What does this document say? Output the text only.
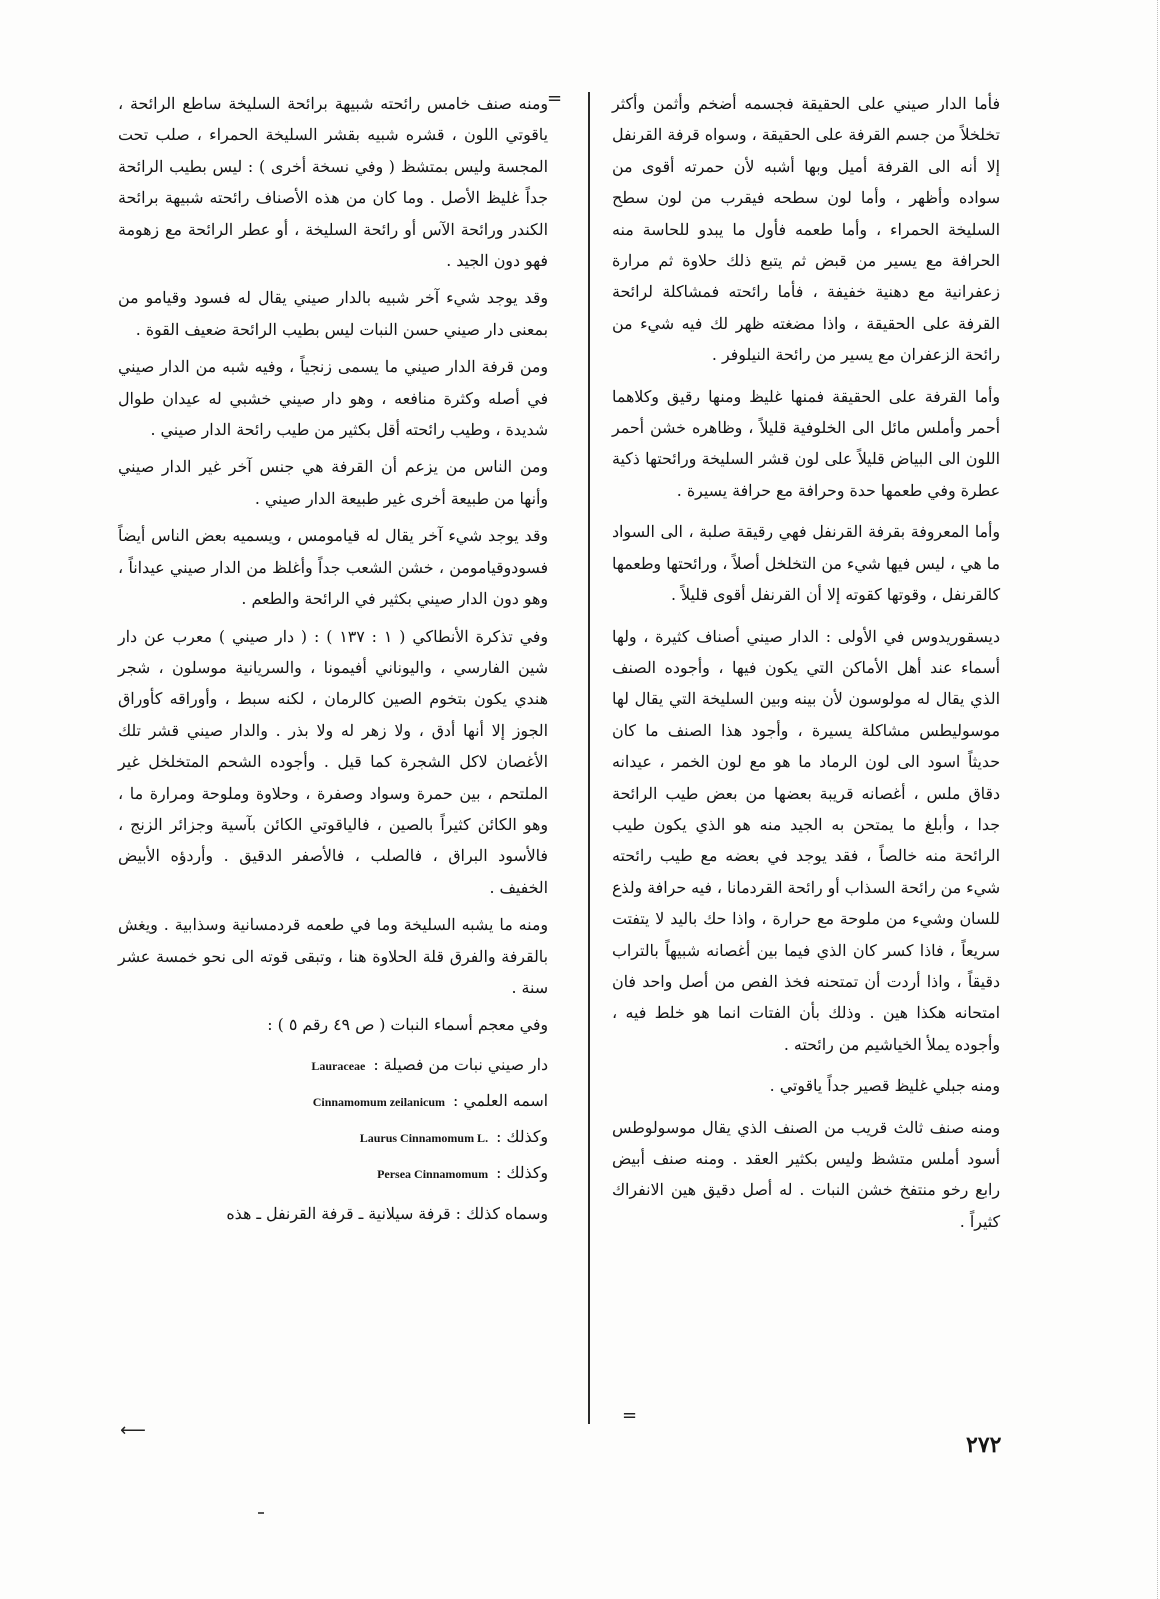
=	فأما الدار صيني على الحقيقة فجسمه أضخم وأثمن وأكثر تخلخلاً من جسم القرفة على الحقيقة ، وسواه قرفة القرنفل إلا أنه الى القرفة أميل وبها أشبه لأن حمرته أقوى من سواده وأظهر ، وأما لون سطحه فيقرب من لون سطح السليخة الحمراء ، وأما طعمه فأول ما يبدو للحاسة منه الحرافة مع يسير من قبض ثم يتبع ذلك حلاوة ثم مرارة زعفرانية مع دهنية خفيفة ، فأما رائحته فمشاكلة لرائحة القرفة على الحقيقة ، واذا مضغته ظهر لك فيه شيء من رائحة الزعفران مع يسير من رائحة النيلوفر .

وأما القرفة على الحقيقة فمنها غليظ ومنها رقيق وكلاهما أحمر وأملس مائل الى الخلوفية قليلاً ، وظاهره خشن أحمر اللون الى البياض قليلاً على لون قشر السليخة ورائحتها ذكية عطرة وفي طعمها حدة وحرافة مع حرافة يسيرة .

وأما المعروفة بقرفة القرنفل فهي رقيقة صلبة ، الى السواد ما هي ، ليس فيها شيء من التخلخل أصلاً ، ورائحتها وطعمها كالقرنفل ، وقوتها كقوته إلا أن القرنفل أقوى قليلاً .

ديسقوريدوس في الأولى : الدار صيني أصناف كثيرة ، ولها أسماء عند أهل الأماكن التي يكون فيها ، وأجوده الصنف الذي يقال له مولوسون لأن بينه وبين السليخة التي يقال لها موسوليطس مشاكلة يسيرة ، وأجود هذا الصنف ما كان حديثاً اسود الى لون الرماد ما هو مع لون الخمر ، عيدانه دقاق ملس ، أغصانه قريبة بعضها من بعض طيب الرائحة جدا ، وأبلغ ما يمتحن به الجيد منه هو الذي يكون طيب الرائحة منه خالصاً ، فقد يوجد في بعضه مع طيب رائحته شيء من رائحة السذاب أو رائحة القردمانا ، فيه حرافة ولذع للسان وشيء من ملوحة مع حرارة ، واذا حك باليد لا يتفتت سريعاً ، فاذا كسر كان الذي فيما بين أغصانه شبيهاً بالتراب دقيقاً ، واذا أردت أن تمتحنه فخذ الفص من أصل واحد فان امتحانه هكذا هين . وذلك بأن الفتات انما هو خلط فيه ، وأجوده يملأ الخياشيم من رائحته .

ومنه جبلي غليظ قصير جداً ياقوتي .

ومنه صنف ثالث قريب من الصنف الذي يقال موسولوطس أسود أملس متشظ وليس بكثير العقد . ومنه صنف أبيض رابع رخو منتفخ خشن النبات . له أصل دقيق هين الانفراك كثيراً .

=

ومنه صنف خامس رائحته شبيهة برائحة السليخة ساطع الرائحة ، ياقوتي اللون ، قشره شبيه بقشر السليخة الحمراء ، صلب تحت المجسة وليس بمتشظ ( وفي نسخة أخرى ) : ليس بطيب الرائحة جداً غليظ الأصل . وما كان من هذه الأصناف رائحته شبيهة برائحة الكندر ورائحة الآس أو رائحة السليخة ، أو عطر الرائحة مع زهومة فهو دون الجيد .

وقد يوجد شيء آخر شبيه بالدار صيني يقال له فسود وقيامو من بمعنى دار صيني حسن النبات ليس بطيب الرائحة ضعيف القوة .

ومن قرفة الدار صيني ما يسمى زنجياً ، وفيه شبه من الدار صيني في أصله وكثرة منافعه ، وهو دار صيني خشبي له عيدان طوال شديدة ، وطيب رائحته أقل بكثير من طيب رائحة الدار صيني .

ومن الناس من يزعم أن القرفة هي جنس آخر غير الدار صيني وأنها من طبيعة أخرى غير طبيعة الدار صيني .

وقد يوجد شيء آخر يقال له قيامومس ، ويسميه بعض الناس أيضاً فسودوقيامومن ، خشن الشعب جداً وأغلظ من الدار صيني عيداناً ، وهو دون الدار صيني بكثير في الرائحة والطعم .

وفي تذكرة الأنطاكي ( ١ : ١٣٧ ) : ( دار صيني ) معرب عن دار شين الفارسي ، واليوناني أفيمونا ، والسريانية موسلون ، شجر هندي يكون بتخوم الصين كالرمان ، لكنه سبط ، وأوراقه كأوراق الجوز إلا أنها أدق ، ولا زهر له ولا بذر . والدار صيني قشر تلك الأغصان لاكل الشجرة كما قيل . وأجوده الشحم المتخلخل غير الملتحم ، بين حمرة وسواد وصفرة ، وحلاوة وملوحة ومرارة ما ، وهو الكائن كثيراً بالصين ، فالياقوتي الكائن بآسية وجزائر الزنج ، فالأسود البراق ، فالصلب ، فالأصفر الدقيق . وأردؤه الأبيض الخفيف .

ومنه ما يشبه السليخة وما في طعمه قردمسانية وسذابية . ويغش بالقرفة والفرق قلة الحلاوة هنا ، وتبقى قوته الى نحو خمسة عشر سنة .

وفي معجم أسماء النبات ( ص ٤٩ رقم ٥ ) :

دار صيني نبات من فصيلة :
Lauraceae
اسمه العلمي :
Cinnamomum zeilanicum
وكذلك :
Laurus Cinnamomum L.
وكذلك :
Persea Cinnamomum
وسماه كذلك : قرفة سيلانية ـ قرفة القرنفل ـ هذه
⟵
٢٧٢
